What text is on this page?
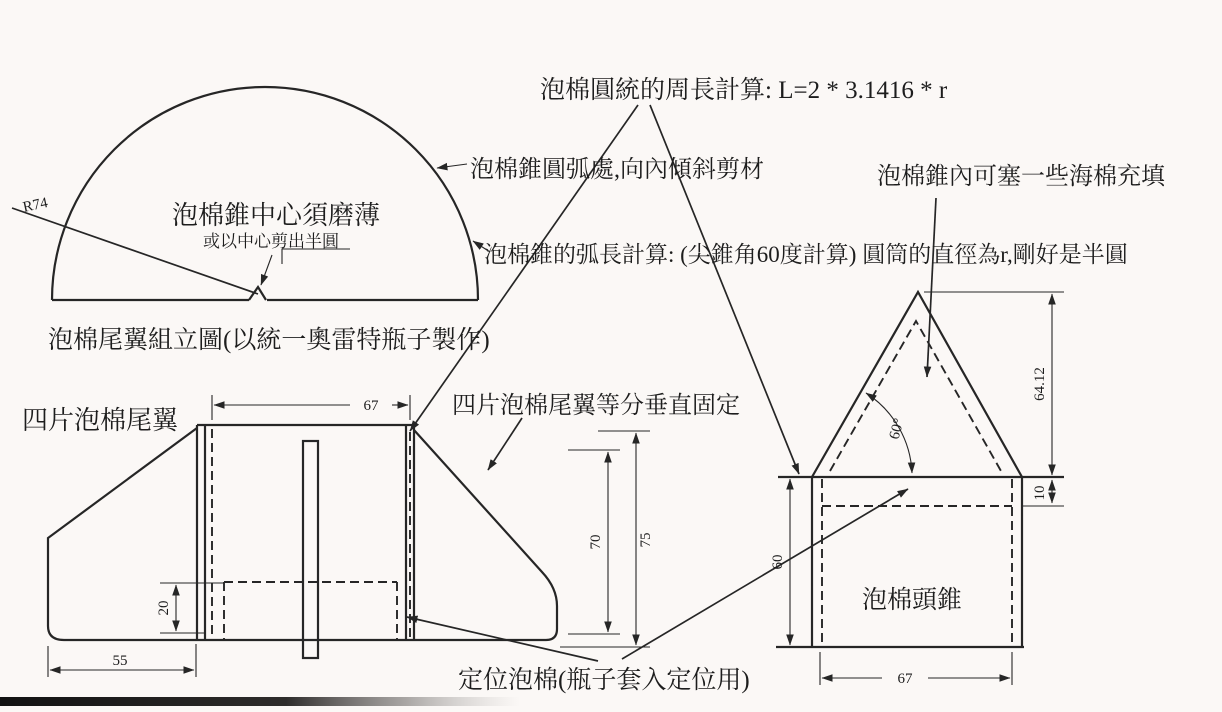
R74	泡棉錐中心須磨薄
或以中心剪出半圓
泡棉圓統的周長計算: L=2 * 3.1416 * r
泡棉錐圓弧處,向內傾斜剪材	泡棉錐內可塞一些海棉充填
泡棉錐的弧長計算: (尖錐角60度計算) 圓筒的直徑為r,剛好是半圓
泡棉尾翼組立圖(以統一奧雷特瓶子製作)
四片泡棉尾翼	四片泡棉尾翼等分垂直固定
67
20
55
70 75
定位泡棉(瓶子套入定位用)
泡棉頭錐
60°
60
64.12
10
67
